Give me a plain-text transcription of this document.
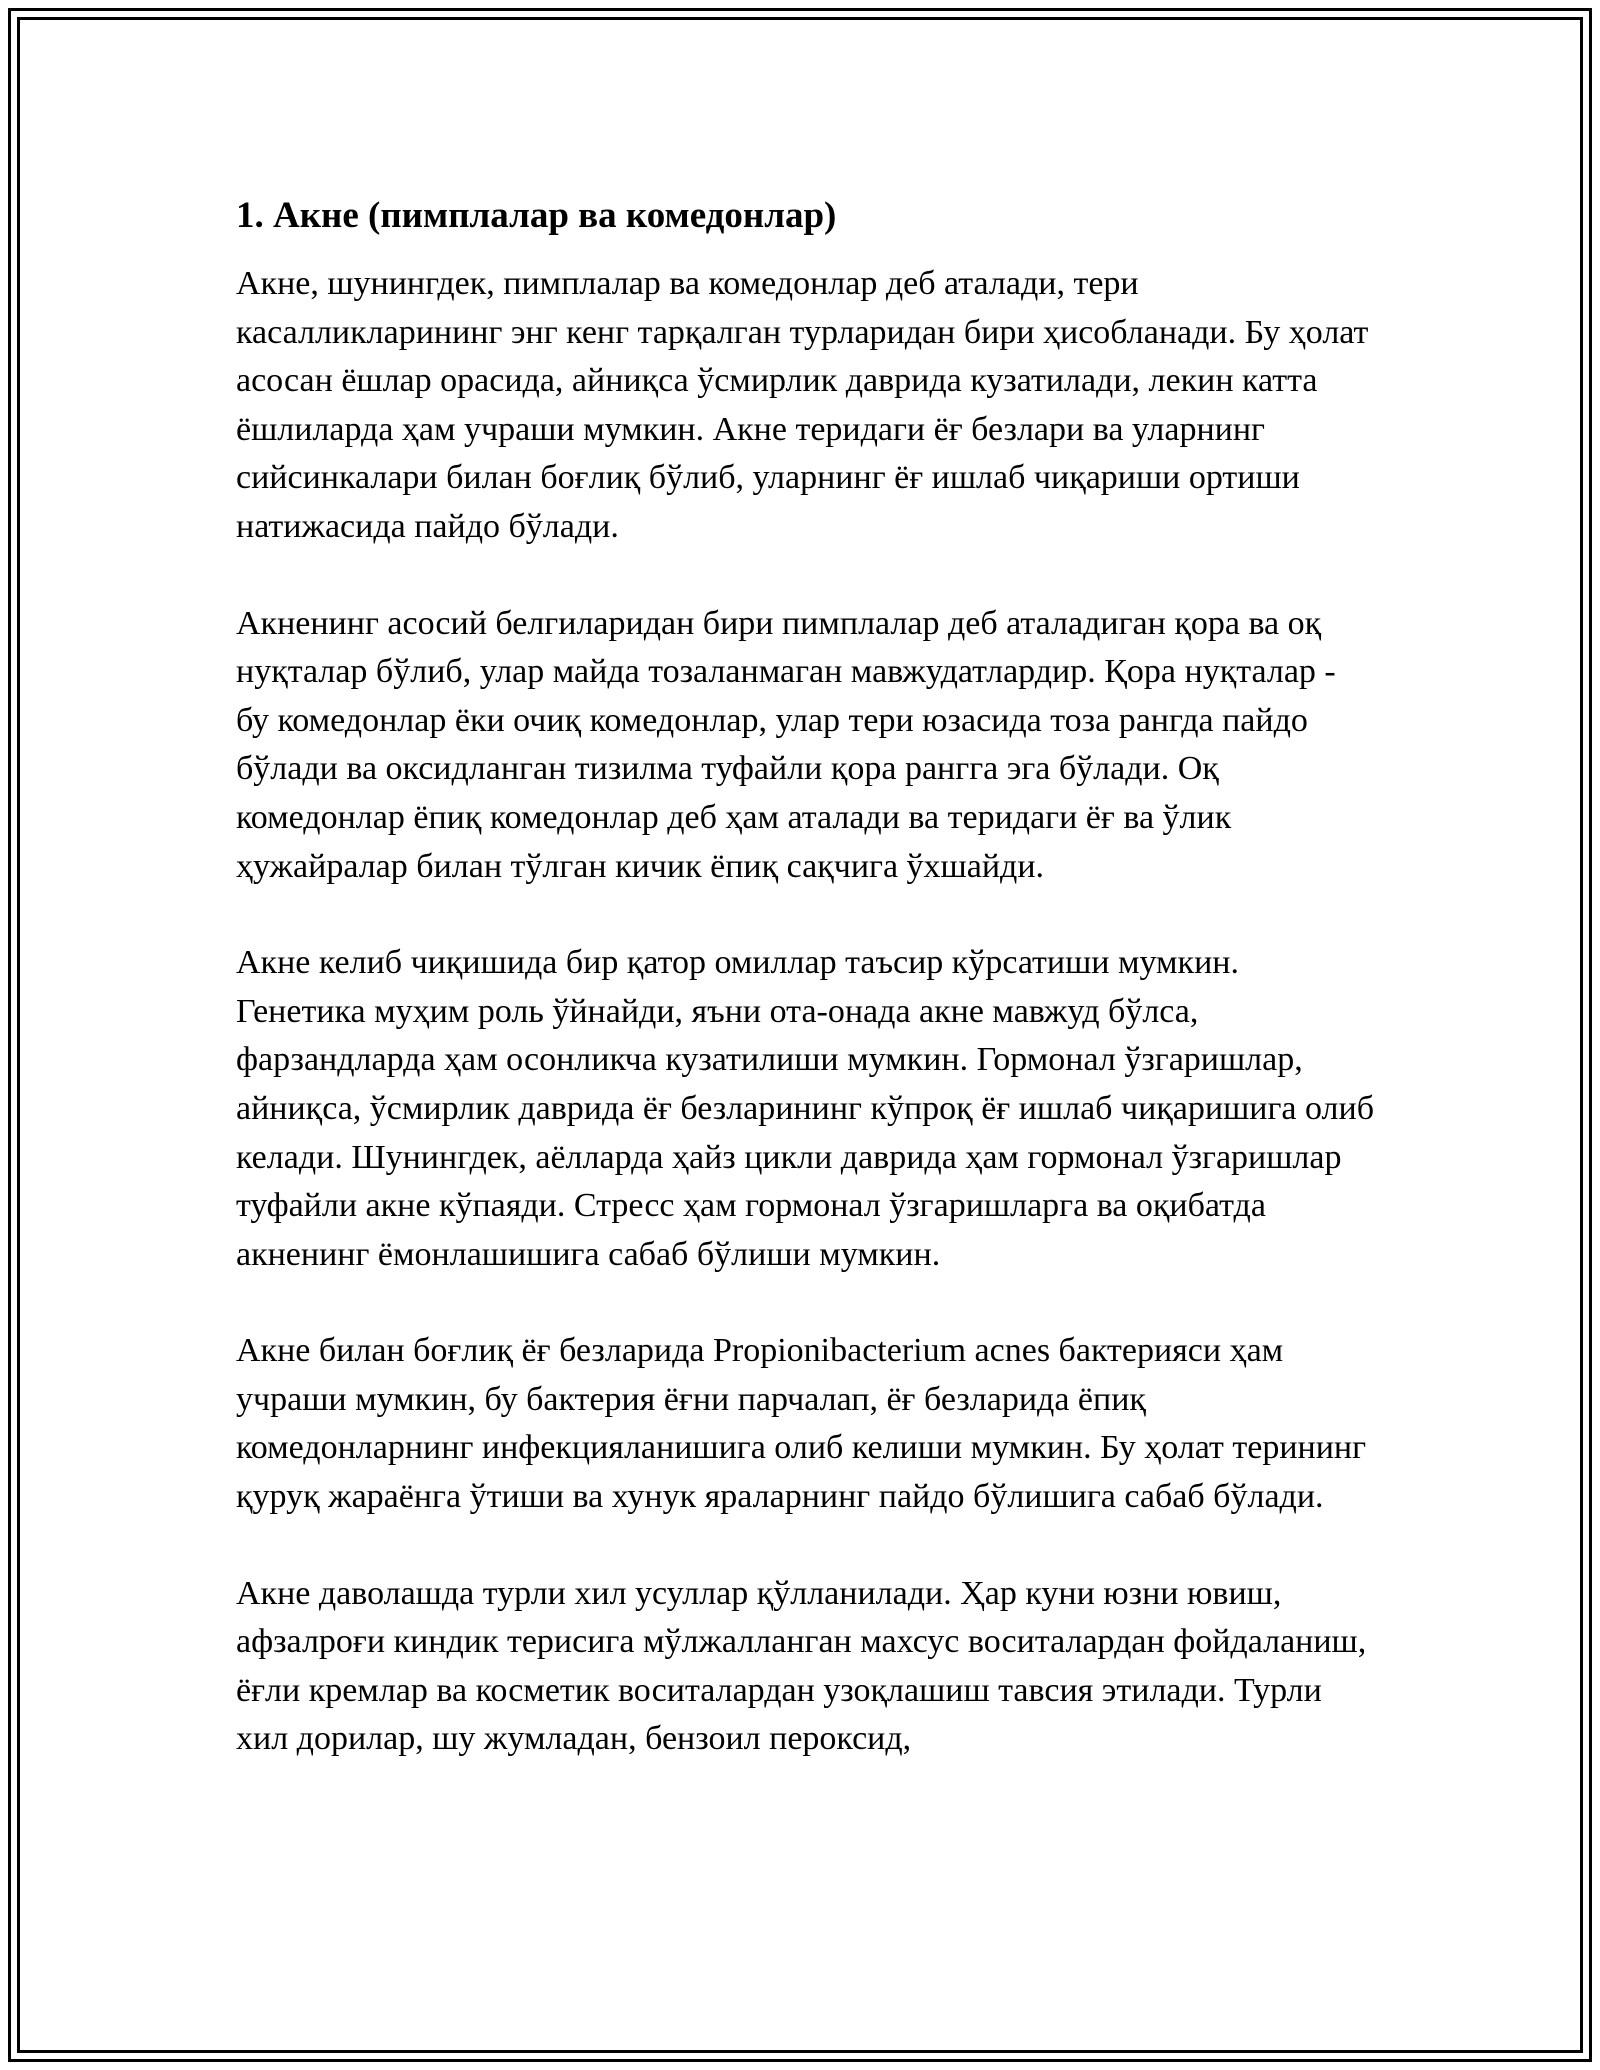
1. Акне (пимплалар ва комедонлар)
Акне, шунингдек, пимплалар ва комедонлар деб аталади, тери касалликларининг энг кенг тарқалган турларидан бири ҳисобланади. Бу ҳолат асосан ёшлар орасида, айниқса ўсмирлик даврида кузатилади, лекин катта ёшлиларда ҳам учраши мумкин. Акне теридаги ёғ безлари ва уларнинг сийсинкалари билан боғлиқ бўлиб, уларнинг ёғ ишлаб чиқариши ортиши натижасида пайдо бўлади.
Акненинг асосий белгиларидан бири пимплалар деб аталадиган қора ва оқ нуқталар бўлиб, улар майда тозаланмаган мавжудатлардир. Қора нуқталар - бу комедонлар ёки очиқ комедонлар, улар тери юзасида тоза рангда пайдо бўлади ва оксидланган тизилма туфайли қора рангга эга бўлади. Оқ комедонлар ёпиқ комедонлар деб ҳам аталади ва теридаги ёғ ва ўлик ҳужайралар билан тўлган кичик ёпиқ сақчига ўхшайди.
Акне келиб чиқишида бир қатор омиллар таъсир кўрсатиши мумкин. Генетика муҳим роль ўйнайди, яъни ота-онада акне мавжуд бўлса, фарзандларда ҳам осонликча кузатилиши мумкин. Гормонал ўзгаришлар, айниқса, ўсмирлик даврида ёғ безларининг кўпроқ ёғ ишлаб чиқаришига олиб келади. Шунингдек, аёлларда ҳайз цикли даврида ҳам гормонал ўзгаришлар туфайли акне кўпаяди. Стресс ҳам гормонал ўзгаришларга ва оқибатда акненинг ёмонлашишига сабаб бўлиши мумкин.
Акне билан боғлиқ ёғ безларида Propionibacterium acnes бактерияси ҳам учраши мумкин, бу бактерия ёғни парчалап, ёғ безларида ёпиқ комедонларнинг инфекцияланишига олиб келиши мумкин. Бу ҳолат терининг қуруқ жараёнга ўтиши ва хунук яраларнинг пайдо бўлишига сабаб бўлади.
Акне даволашда турли хил усуллар қўлланилади. Ҳар куни юзни ювиш, афзалроғи киндик терисига мўлжалланган махсус воситалардан фойдаланиш, ёғли кремлар ва косметик воситалардан узоқлашиш тавсия этилади. Турли хил дорилар, шу жумладан, бензоил пероксид,
